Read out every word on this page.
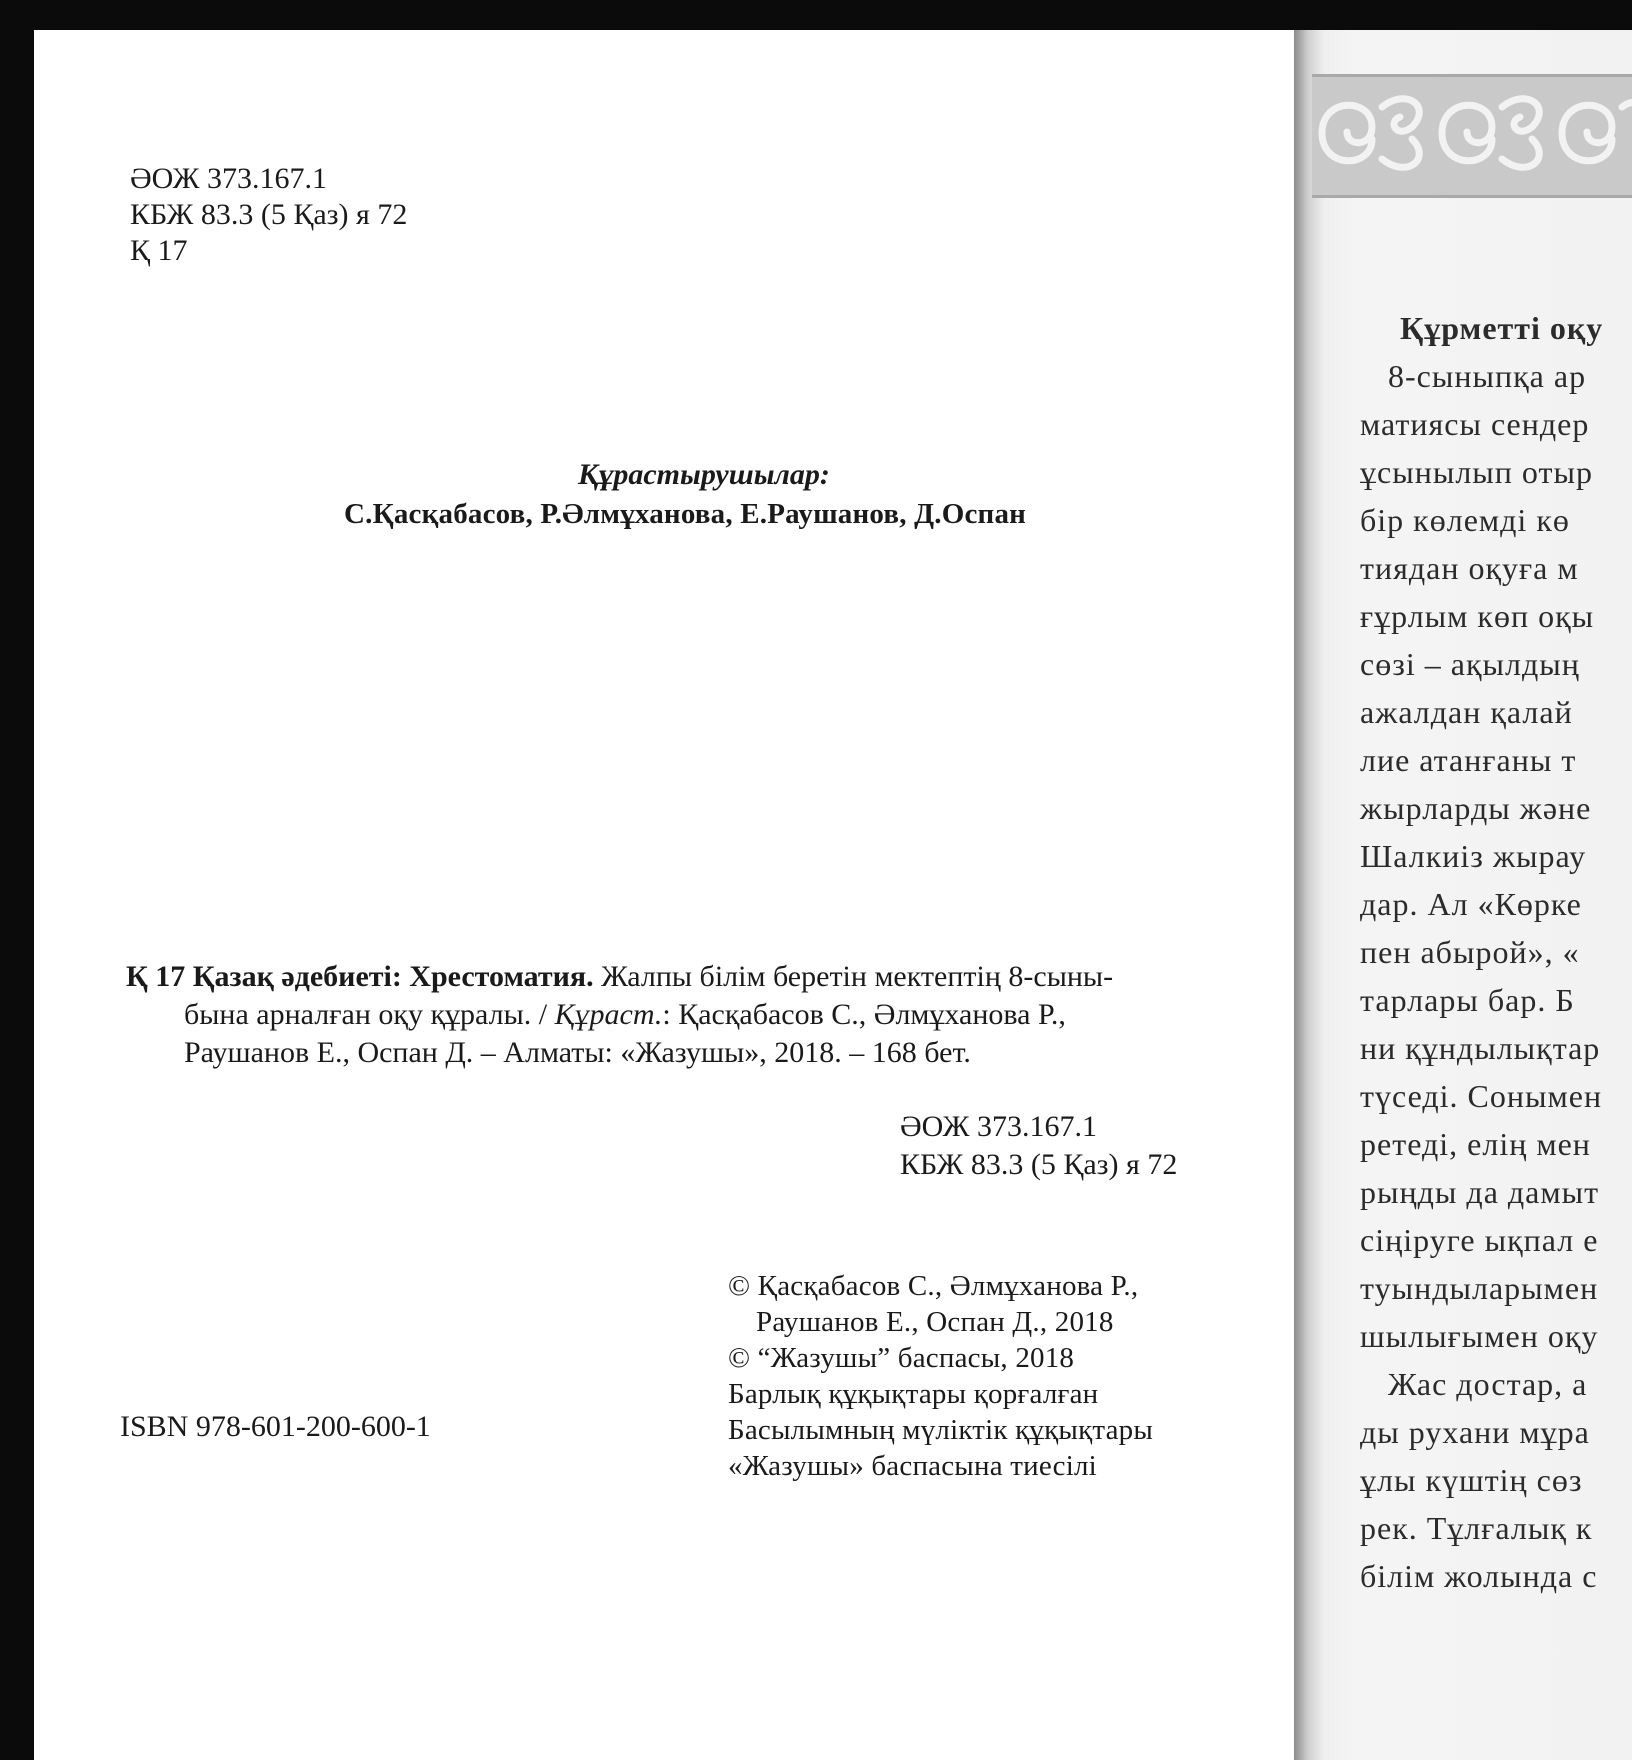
ӘОЖ 373.167.1
КБЖ 83.3 (5 Қаз) я 72
Қ 17
Құрастырушылар:
С.Қасқабасов, Р.Әлмұханова, Е.Раушанов, Д.Оспан
Қ 17 Қазақ әдебиеті: Хрестоматия. Жалпы білім беретін мектептің 8-сыны-
бына арналған оқу құралы. / Құраст.: Қасқабасов С., Әлмұханова Р.,
Раушанов Е., Оспан Д. – Алматы: «Жазушы», 2018. – 168 бет.
ӘОЖ 373.167.1
КБЖ 83.3 (5 Қаз) я 72
© Қасқабасов С., Әлмұханова Р.,
Раушанов Е., Оспан Д., 2018
© “Жазушы” баспасы, 2018
Барлық құқықтары қорғалған
Басылымның мүліктік құқықтары
«Жазушы» баспасына тиесілі
ISBN 978-601-200-600-1
Құрметті оқу
8-сыныпқа ар
матиясы сендер
ұсынылып отыр
бір көлемді кө
тиядан оқуға м
ғұрлым көп оқы
сөзі – ақылдың
ажалдан қалай
лие атанғаны т
жырларды және
Шалкиіз жырау
дар. Ал «Көрке
пен абырой», «
тарлары бар. Б
ни құндылықтар
түседі. Сонымен
ретеді, елің мен
рыңды да дамыт
сіңіруге ықпал е
туындыларымен
шылығымен оқу
Жас достар, а
ды рухани мұра
ұлы күштің сөз
рек. Тұлғалық к
білім жолында с
